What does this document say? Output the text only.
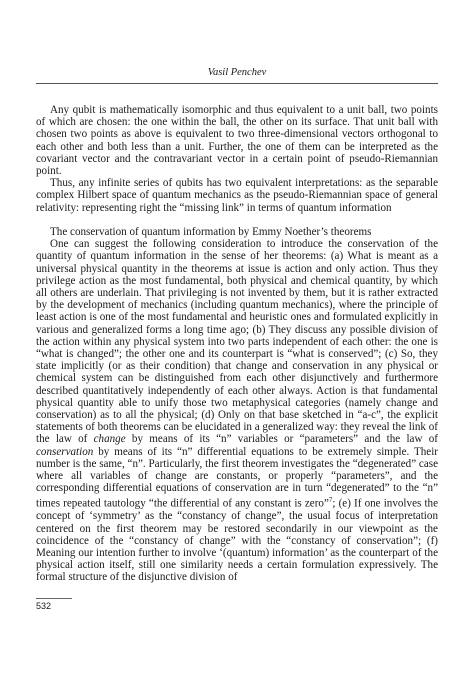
Vasil Penchev

Any qubit is mathematically isomorphic and thus equivalent to a unit ball, two points of which are chosen: the one within the ball, the other on its surface. That unit ball with chosen two points as above is equivalent to two three-dimensional vectors orthogonal to each other and both less than a unit. Further, the one of them can be interpreted as the covariant vector and the contravariant vector in a certain point of pseudo-Riemannian point.

Thus, any infinite series of qubits has two equivalent interpretations: as the separable complex Hilbert space of quantum mechanics as the pseudo-Riemannian space of general relativity: representing right the “missing link” in terms of quantum information

The conservation of quantum information by Emmy Noether’s theorems

One can suggest the following consideration to introduce the conservation of the quantity of quantum information in the sense of her theorems: (a) What is meant as a universal physical quantity in the theorems at issue is action and only action. Thus they privilege action as the most fundamental, both physical and chemical quantity, by which all others are underlain. That privileging is not invented by them, but it is rather extracted by the development of mechanics (including quantum mechanics), where the principle of least action is one of the most fundamental and heuristic ones and formulated explicitly in various and generalized forms a long time ago; (b) They discuss any possible division of the action within any physical system into two parts independent of each other: the one is “what is changed”; the other one and its counterpart is “what is conserved”; (c) So, they state implicitly (or as their condition) that change and conservation in any physical or chemical system can be distinguished from each other disjunctively and furthermore described quantitatively independently of each other always. Action is that fundamental physical quantity able to unify those two metaphysical categories (namely change and conservation) as to all the physical; (d) Only on that base sketched in “a-c”, the explicit statements of both theorems can be elucidated in a generalized way: they reveal the link of the law of change by means of its “n” variables or “parameters” and the law of conservation by means of its “n” differential equations to be extremely simple. Their number is the same, “n”. Particularly, the first theorem investigates the “degenerated” case where all variables of change are constants, or properly “parameters”, and the corresponding differential equations of conservation are in turn “degenerated” to the “n” times repeated tautology “the differential of any constant is zero”$^7$; (e) If one involves the concept of ‘symmetry’ as the “constancy of change”, the usual focus of interpretation centered on the first theorem may be restored secondarily in our viewpoint as the coincidence of the “constancy of change” with the “constancy of conservation”; (f) Meaning our intention further to involve ‘(quantum) information’ as the counterpart of the physical action itself, still one similarity needs a certain formulation expressively. The formal structure of the disjunctive division of

532
